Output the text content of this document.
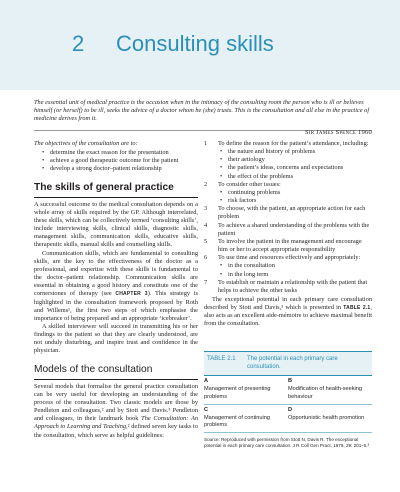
2 Consulting skills
The essential unit of medical practice is the occasion when in the intimacy of the consulting room the person who is ill or believes himself (or herself) to be ill, seeks the advice of a doctor whom he (she) trusts. This is the consultation and all else in the practice of medicine derives from it.
Sir James Spence 1960
The objectives of the consultation are to:
• determine the exact reason for the presentation
• achieve a good therapeutic outcome for the patient
• develop a strong doctor–patient relationship
The skills of general practice

A successful outcome to the medical consultation depends on a whole array of skills required by the GP. Although interrelated, these skills, which can be collectively termed ‘consulting skills’, include interviewing skills, clinical skills, diagnostic skills, management skills, communication skills, educative skills, therapeutic skills, manual skills and counselling skills.

Communication skills, which are fundamental to consulting skills, are the key to the effectiveness of the doctor as a professional, and expertise with these skills is fundamental to the doctor–patient relationship. Communication skills are essential in obtaining a good history and constitute one of the cornerstones of therapy (see CHAPTER 3). This strategy is highlighted in the consultation framework proposed by Roth and Willems¹, the first two steps of which emphasise the importance of being prepared and an appropriate ‘icebreaker’.

A skilled interviewer will succeed in transmitting his or her findings to the patient so that they are clearly understood, are not unduly disturbing, and inspire trust and confidence in the physician.

Models of the consultation

Several models that formalise the general practice consultation can be very useful for developing an understanding of the process of the consultation. Two classic models are those by Pendleton and colleagues,² and by Stott and Davis.³ Pendleton and colleagues, in their landmark book The Consultation: An Approach to Learning and Teaching,² defined seven key tasks to the consultation, which serve as helpful guidelines:

1 To define the reason for the patient’s attendance, including:
• the nature and history of problems
• their aetiology
• the patient’s ideas, concerns and expectations
• the effect of the problems
2 To consider other issues:
• continuing problems
• risk factors
3 To choose, with the patient, an appropriate action for each problem
4 To achieve a shared understanding of the problems with the patient
5 To involve the patient in the management and encourage him or her to accept appropriate responsibility
6 To use time and resources effectively and appropriately:
• in the consultation
• in the long term
7 To establish or maintain a relationship with the patient that helps to achieve the other tasks

The exceptional potential in each primary care consultation described by Stott and Davis,³ which is presented in TABLE 2.1, also acts as an excellent aide-mémoire to achieve maximal benefit from the consultation.

TABLE 2.1	The potential in each primary care consultation.
A
Management of presenting problems
B
Modification of health-seeking behaviour
C
Management of continuing problems
D
Opportunistic health promotion
Source: Reproduced with permission from Stott N, Davis R. The exceptional potential in each primary care consultation. J R Coll Gen Pract, 1979, 29: 201–5.³
